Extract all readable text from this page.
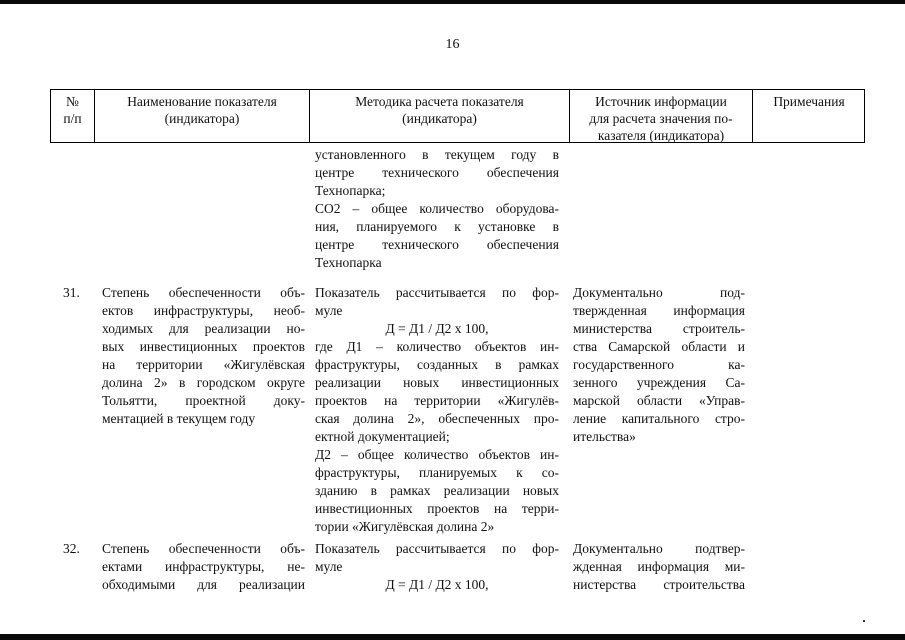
16
№
п/п
Наименование показателя
(индикатора)
Методика расчета показателя
(индикатора)
Источник информации
для расчета значения по-
казателя (индикатора)
Примечания
установленного в текущем году в
центре технического обеспечения
Технопарка;
СО2 – общее количество оборудова-
ния, планируемого к установке в
центре технического обеспечения
Технопарка
31.	Степень обеспеченности объ-
ектов инфраструктуры, необ-
ходимых для реализации но-
вых инвестиционных проектов
на территории «Жигулёвская
долина 2» в городском округе
Тольятти, проектной доку-
ментацией в текущем году
Показатель рассчитывается по фор-
муле
Д = Д1 / Д2 х 100,
где Д1 – количество объектов ин-
фраструктуры, созданных в рамках
реализации новых инвестиционных
проектов на территории «Жигулёв-
ская долина 2», обеспеченных про-
ектной документацией;
Д2 – общее количество объектов ин-
фраструктуры, планируемых к со-
зданию в рамках реализации новых
инвестиционных проектов на терри-
тории «Жигулёвская долина 2»
Документально под-
твержденная информация
министерства строитель-
ства Самарской области и
государственного ка-
зенного учреждения Са-
марской области «Управ-
ление капитального стро-
ительства»
32.	Степень обеспеченности объ-
ектами инфраструктуры, не-
обходимыми для реализации
Показатель рассчитывается по фор-
муле
Д = Д1 / Д2 х 100,
Документально подтвер-
жденная информация ми-
нистерства строительства
